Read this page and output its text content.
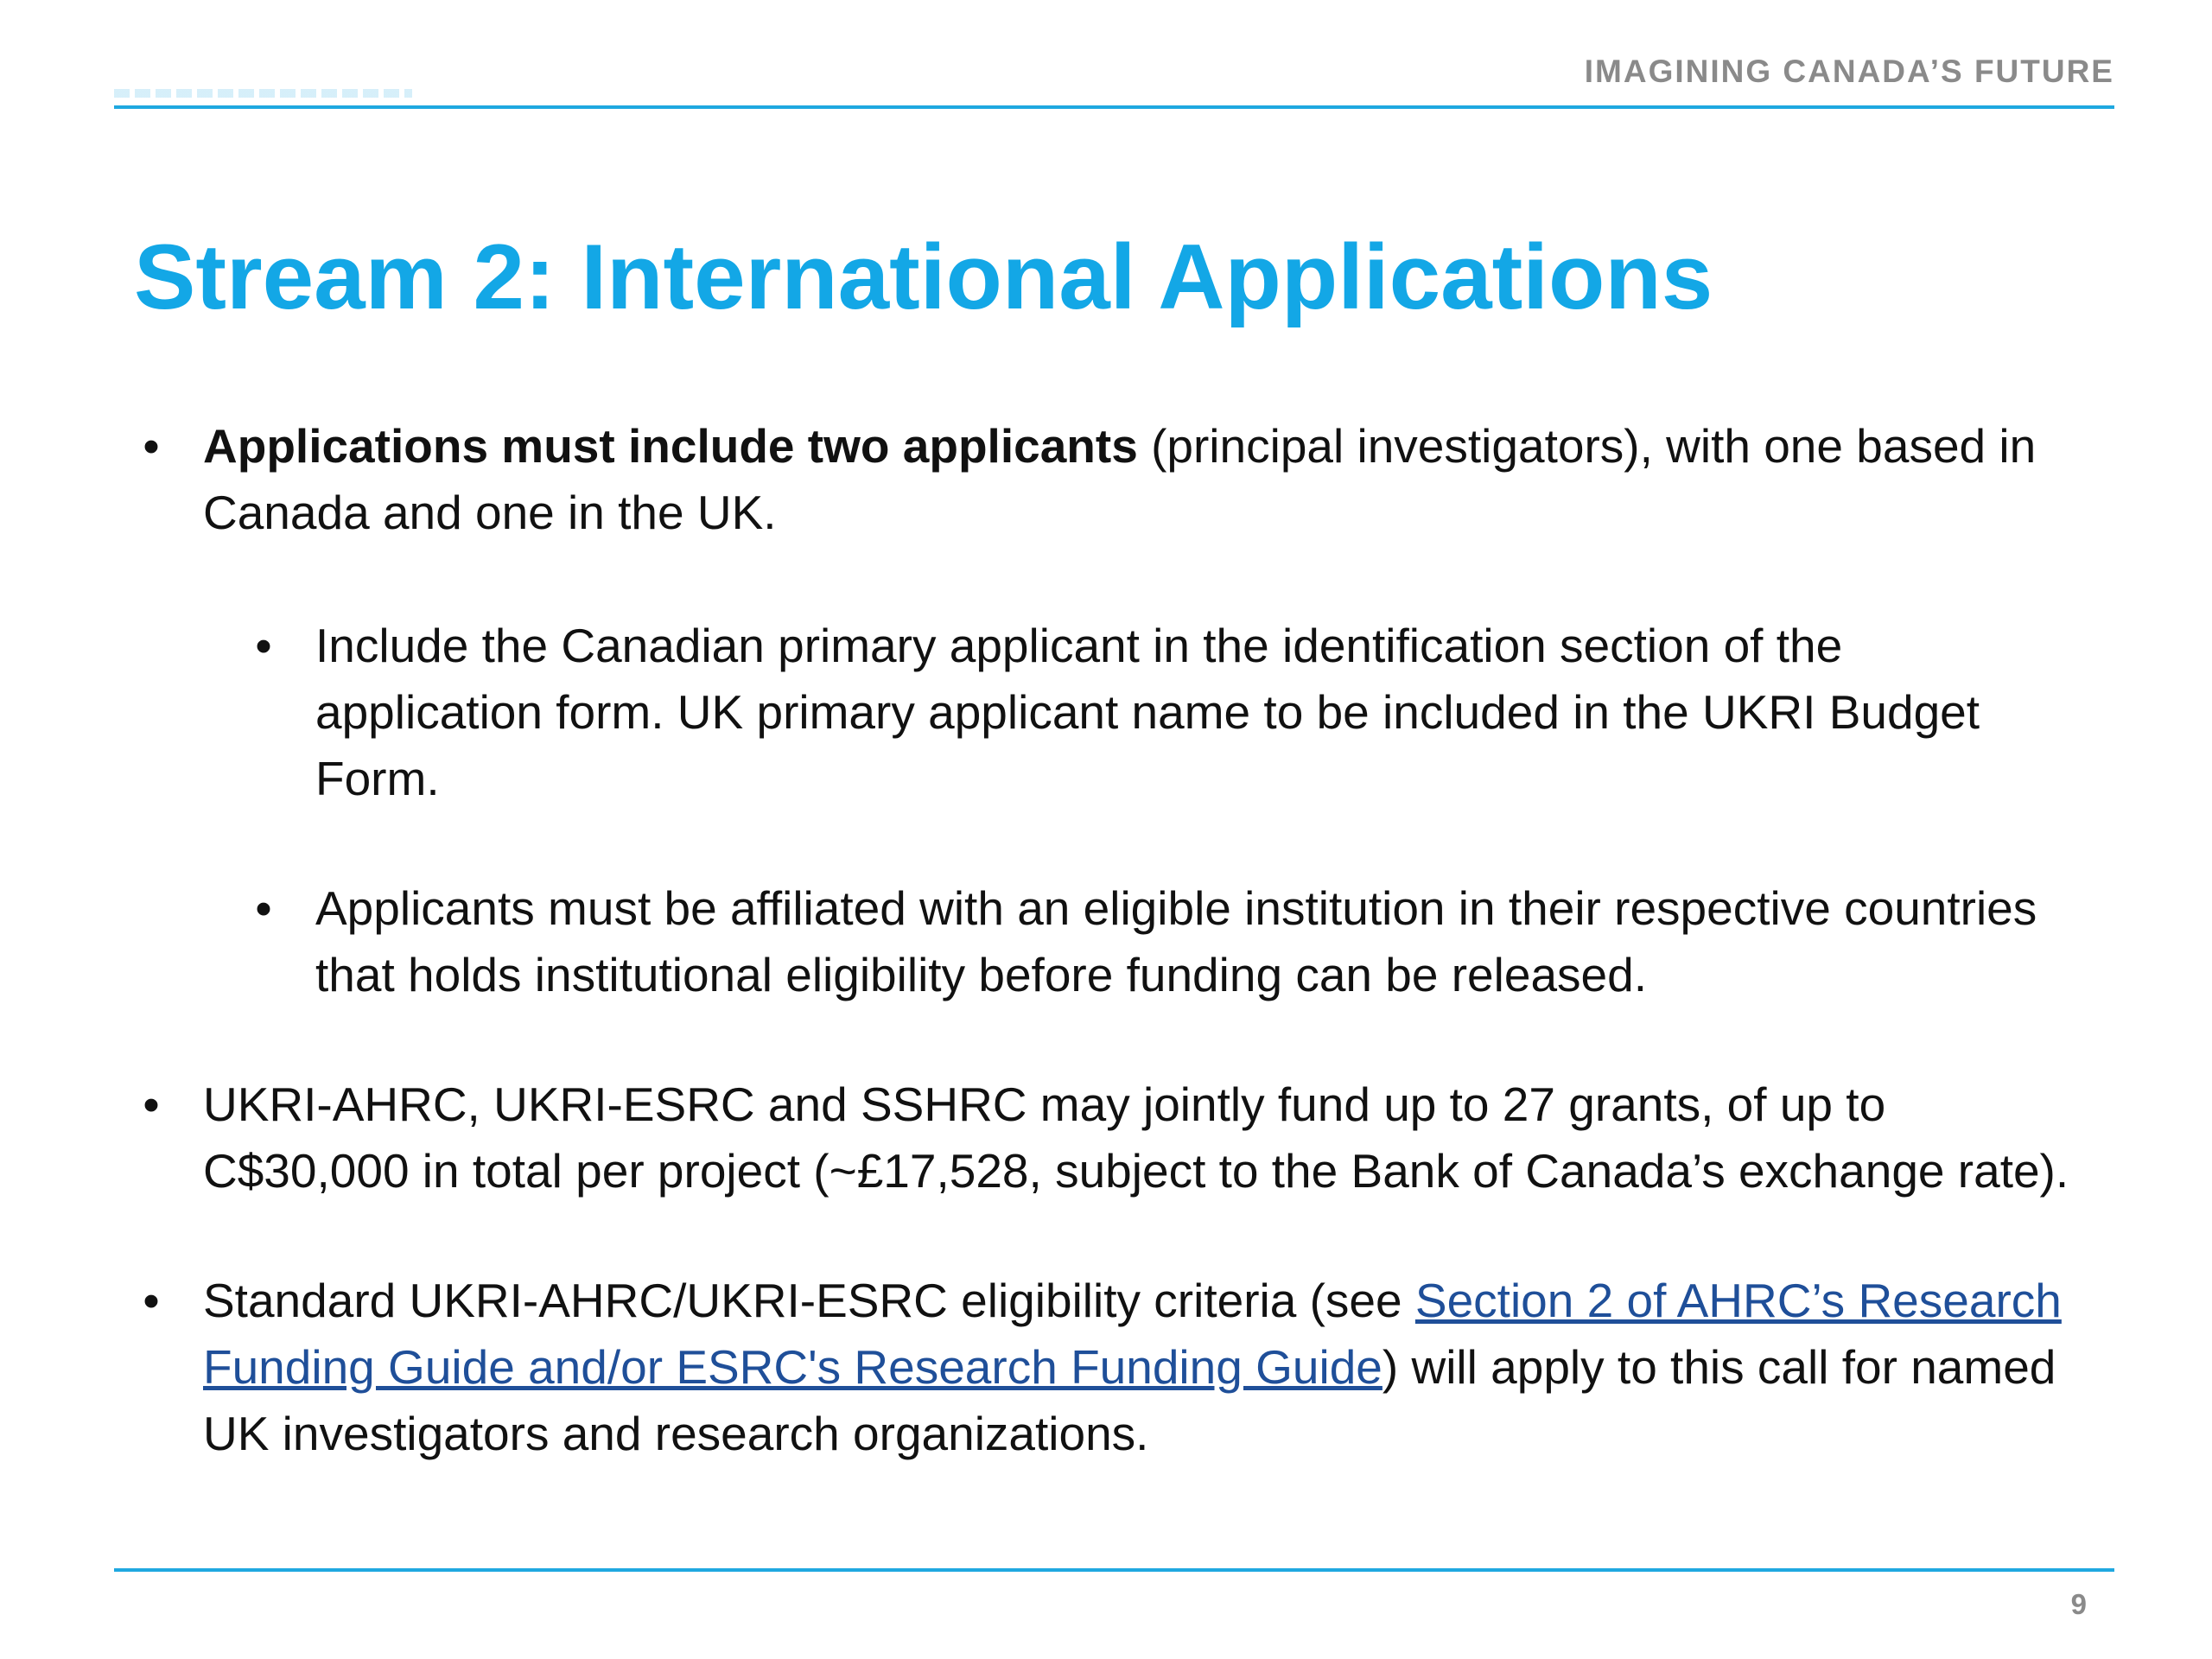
IMAGINING CANADA’S FUTURE
Stream 2: International Applications

• Applications must include two applicants (principal investigators), with one based in Canada and one in the UK.

• Include the Canadian primary applicant in the identification section of the application form. UK primary applicant name to be included in the UKRI Budget Form.

• Applicants must be affiliated with an eligible institution in their respective countries that holds institutional eligibility before funding can be released.

• UKRI-AHRC, UKRI-ESRC and SSHRC may jointly fund up to 27 grants, of up to C$30,000 in total per project (~£17,528, subject to the Bank of Canada’s exchange rate).

• Standard UKRI-AHRC/UKRI-ESRC eligibility criteria (see Section 2 of AHRC’s Research Funding Guide and/or ESRC's Research Funding Guide) will apply to this call for named UK investigators and research organizations.

9
